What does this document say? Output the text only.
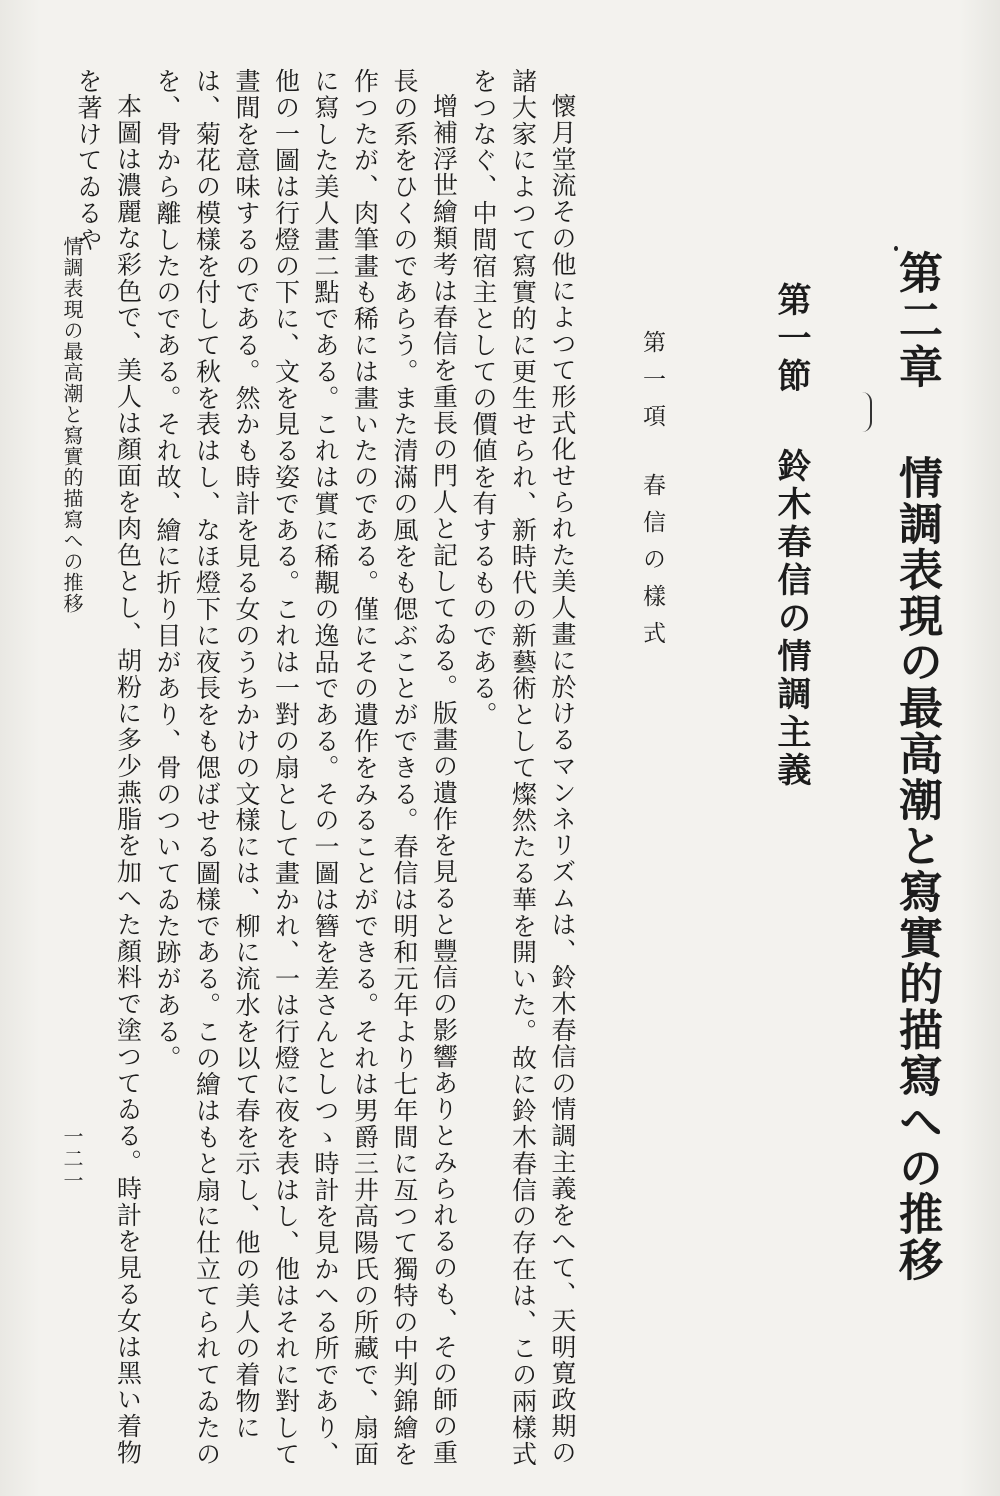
第二章情調表現の最高潮と寫實的描寫への推移
第一節鈴木春信の情調主義
第一項春信の樣式

懷月堂流その他によつて形式化せられた美人畫に於けるマンネリズムは、鈴木春信の情調主義をへて、天明寛政期の諸大家によつて寫實的に更生せられ、新時代の新藝術として燦然たる華を開いた。故に鈴木春信の存在は、この兩樣式をつなぐ、中間宿主としての價値を有するものである。

增補浮世繪類考は春信を重長の門人と記してゐる。版畫の遺作を見ると豐信の影響ありとみられるのも、その師の重長の系をひくのであらう。また清滿の風をも偲ぶことができる。春信は明和元年より七年間に亙つて獨特の中判錦繪を作つたが、肉筆畫も稀には畫いたのである。僅にその遺作をみることができる。それは男爵三井高陽氏の所藏で、扇面に寫した美人畫二點である。これは實に稀覯の逸品である。その一圖は簪を差さんとしつゝ時計を見かへる所であり、他の一圖は行燈の下に、文を見る姿である。これは一對の扇として畫かれ、一は行燈に夜を表はし、他はそれに對して晝間を意味するのである。然かも時計を見る女のうちかけの文樣には、柳に流水を以て春を示し、他の美人の着物には、菊花の模樣を付して秋を表はし、なほ燈下に夜長をも偲ばせる圖樣である。この繪はもと扇に仕立てられてゐたのを、骨から離したのである。それ故、繪に折り目があり、骨のついてゐた跡がある。

本圖は濃麗な彩色で、美人は顏面を肉色とし、胡粉に多少燕脂を加へた顏料で塗つてゐる。時計を見る女は黑い着物を著けてゐるや

情調表現の最高潮と寫實的描寫への推移
一二一
